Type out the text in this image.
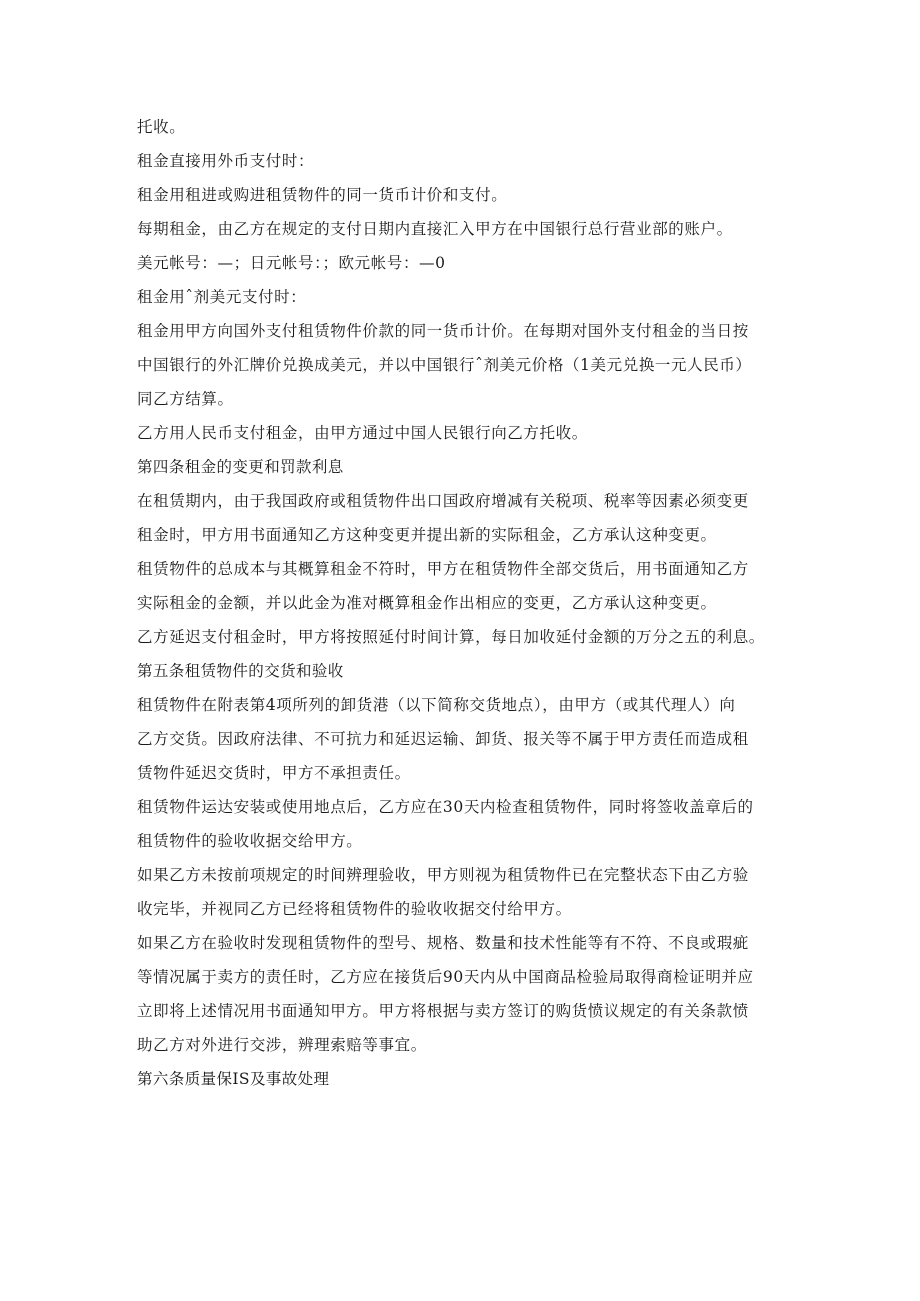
托收。
租金直接用外币支付时：
租金用租进或购进租赁物件的同一货币计价和支付。
每期租金，由乙方在规定的支付日期内直接汇入甲方在中国银行总行营业部的账户。
美元帐号：—；日元帐号：；欧元帐号：—0
租金用ˆ剂美元支付时：
租金用甲方向国外支付租赁物件价款的同一货币计价。在每期对国外支付租金的当日按
中国银行的外汇牌价兑换成美元，并以中国银行ˆ剂美元价格（1美元兑换一元人民币）
同乙方结算。
乙方用人民币支付租金，由甲方通过中国人民银行向乙方托收。
第四条租金的变更和罚款利息
在租赁期内，由于我国政府或租赁物件出口国政府增减有关税项、税率等因素必须变更
租金时，甲方用书面通知乙方这种变更并提出新的实际租金，乙方承认这种变更。
租赁物件的总成本与其概算租金不符时，甲方在租赁物件全部交货后，用书面通知乙方
实际租金的金额，并以此金为准对概算租金作出相应的变更，乙方承认这种变更。
乙方延迟支付租金时，甲方将按照延付时间计算，每日加收延付金额的万分之五的利息。
第五条租赁物件的交货和验收
租赁物件在附表第4项所列的卸货港（以下简称交货地点），由甲方（或其代理人）向
乙方交货。因政府法律、不可抗力和延迟运输、卸货、报关等不属于甲方责任而造成租
赁物件延迟交货时，甲方不承担责任。
租赁物件运达安装或使用地点后，乙方应在30天内检查租赁物件，同时将签收盖章后的
租赁物件的验收收据交给甲方。
如果乙方未按前项规定的时间辨理验收，甲方则视为租赁物件已在完整状态下由乙方验
收完毕，并视同乙方已经将租赁物件的验收收据交付给甲方。
如果乙方在验收时发现租赁物件的型号、规格、数量和技术性能等有不符、不良或瑕疵
等情况属于卖方的责任时，乙方应在接货后90天内从中国商品检验局取得商检证明并应
立即将上述情况用书面通知甲方。甲方将根据与卖方签订的购货愤议规定的有关条款愤
助乙方对外进行交涉，辨理索赔等事宜。
第六条质量保IS及事故处理
